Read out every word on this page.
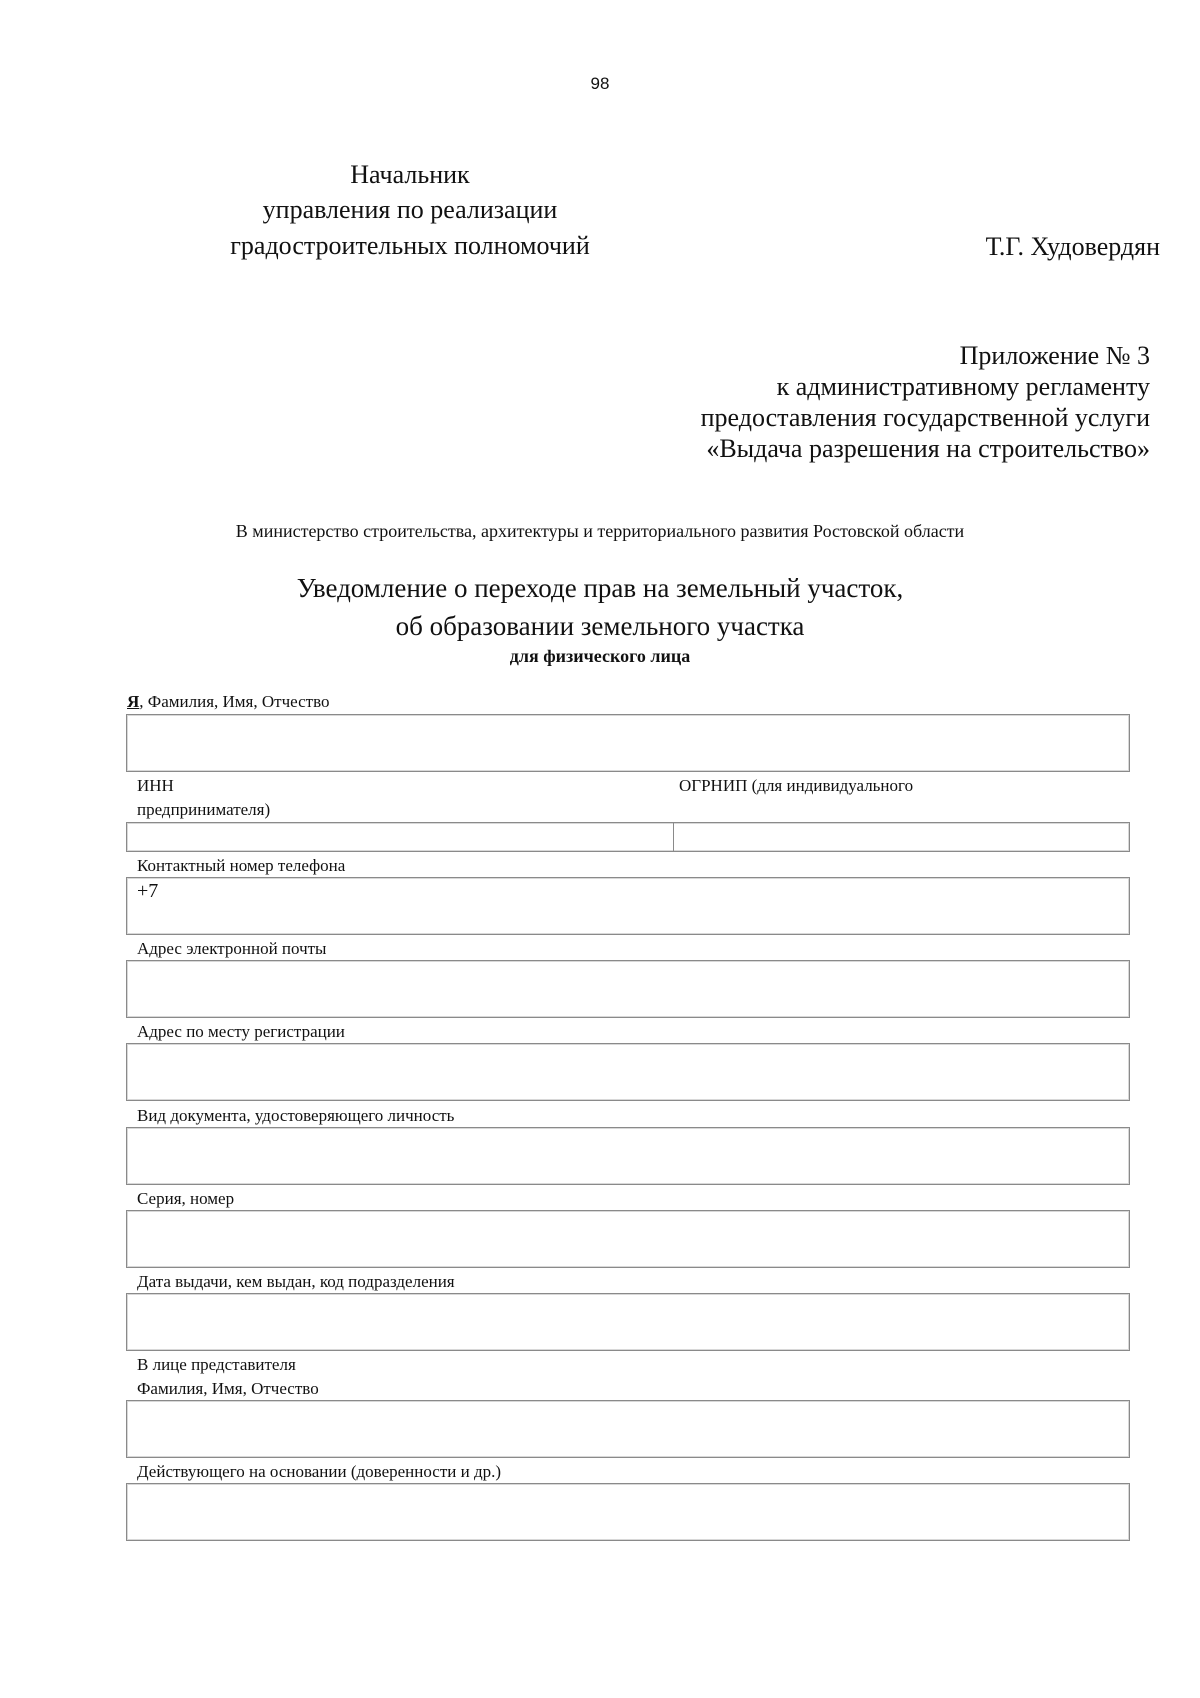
98
Начальник
управления по реализации
градостроительных полномочий	Т.Г. Худовердян
Приложение № 3
к административному регламенту
предоставления государственной услуги
«Выдача разрешения на строительство»
В министерство строительства, архитектуры и территориального развития Ростовской области
Уведомление о переходе прав на земельный участок,
об образовании земельного участка
для физического лица
Я, Фамилия, Имя, Отчество
ИНН	ОГРНИП (для индивидуального
предпринимателя)
Контактный номер телефона
+7
Адрес электронной почты
Адрес по месту регистрации
Вид документа, удостоверяющего личность
Серия, номер
Дата выдачи, кем выдан, код подразделения
В лице представителя
Фамилия, Имя, Отчество
Действующего на основании (доверенности и др.)
